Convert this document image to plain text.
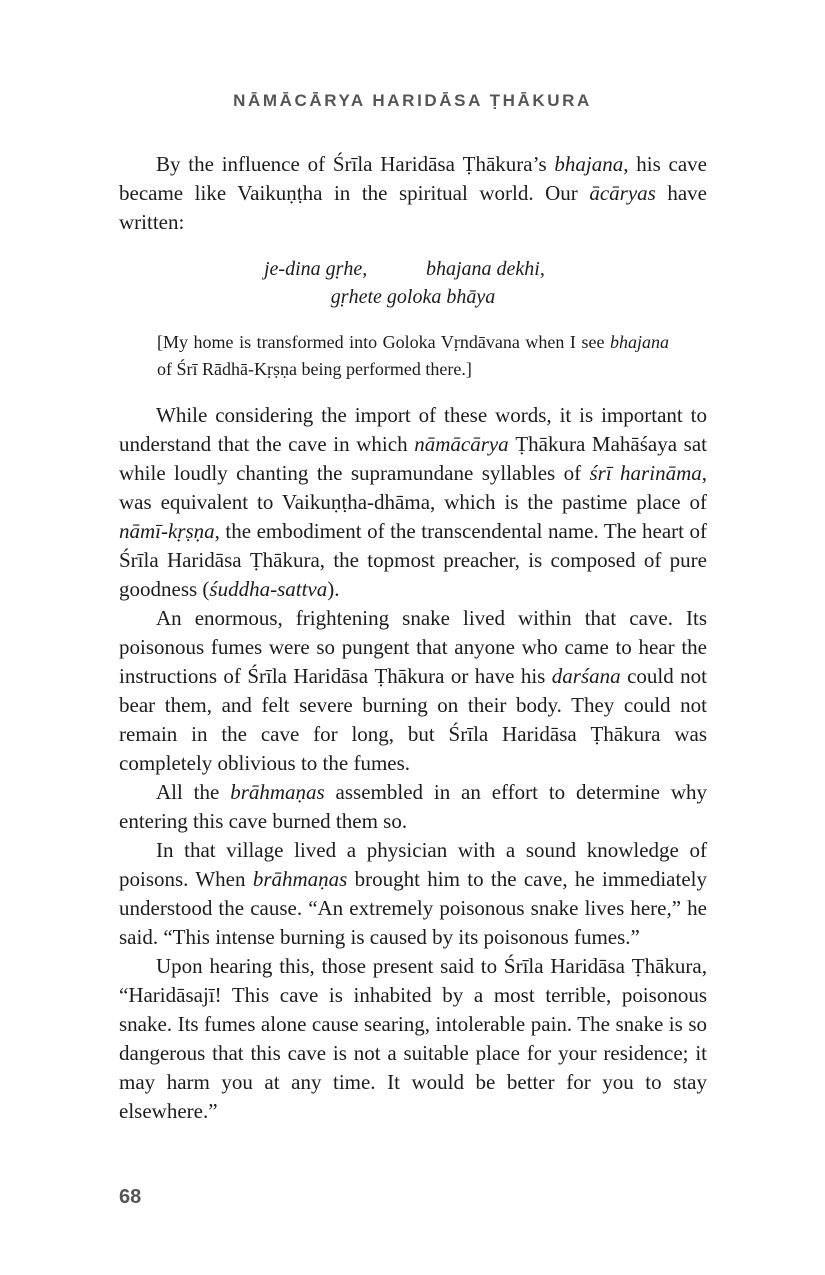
NĀMĀCĀRYA HARIDĀSA ṬHĀKURA

By the influence of Śrīla Haridāsa Ṭhākura’s bhajana, his cave became like Vaikuṇṭha in the spiritual world. Our ācāryas have written:

je-dina gṛhe,	bhajana dekhi,
gṛhete goloka bhāya

[My home is transformed into Goloka Vṛndāvana when I see bhajana of Śrī Rādhā-Kṛṣṇa being performed there.]

While considering the import of these words, it is important to understand that the cave in which nāmācārya Ṭhākura Mahāśaya sat while loudly chanting the supramundane syllables of śrī harināma, was equivalent to Vaikuṇṭha-dhāma, which is the pastime place of nāmī-kṛṣṇa, the embodiment of the transcendental name. The heart of Śrīla Haridāsa Ṭhākura, the topmost preacher, is composed of pure goodness (śuddha-sattva).

An enormous, frightening snake lived within that cave. Its poisonous fumes were so pungent that anyone who came to hear the instructions of Śrīla Haridāsa Ṭhākura or have his darśana could not bear them, and felt severe burning on their body. They could not remain in the cave for long, but Śrīla Haridāsa Ṭhākura was completely oblivious to the fumes.

All the brāhmaṇas assembled in an effort to determine why entering this cave burned them so.

In that village lived a physician with a sound knowledge of poisons. When brāhmaṇas brought him to the cave, he immediately understood the cause. “An extremely poisonous snake lives here,” he said. “This intense burning is caused by its poisonous fumes.”

Upon hearing this, those present said to Śrīla Haridāsa Ṭhākura, “Haridāsajī! This cave is inhabited by a most terrible, poisonous snake. Its fumes alone cause searing, intolerable pain. The snake is so dangerous that this cave is not a suitable place for your residence; it may harm you at any time. It would be better for you to stay elsewhere.”

68
